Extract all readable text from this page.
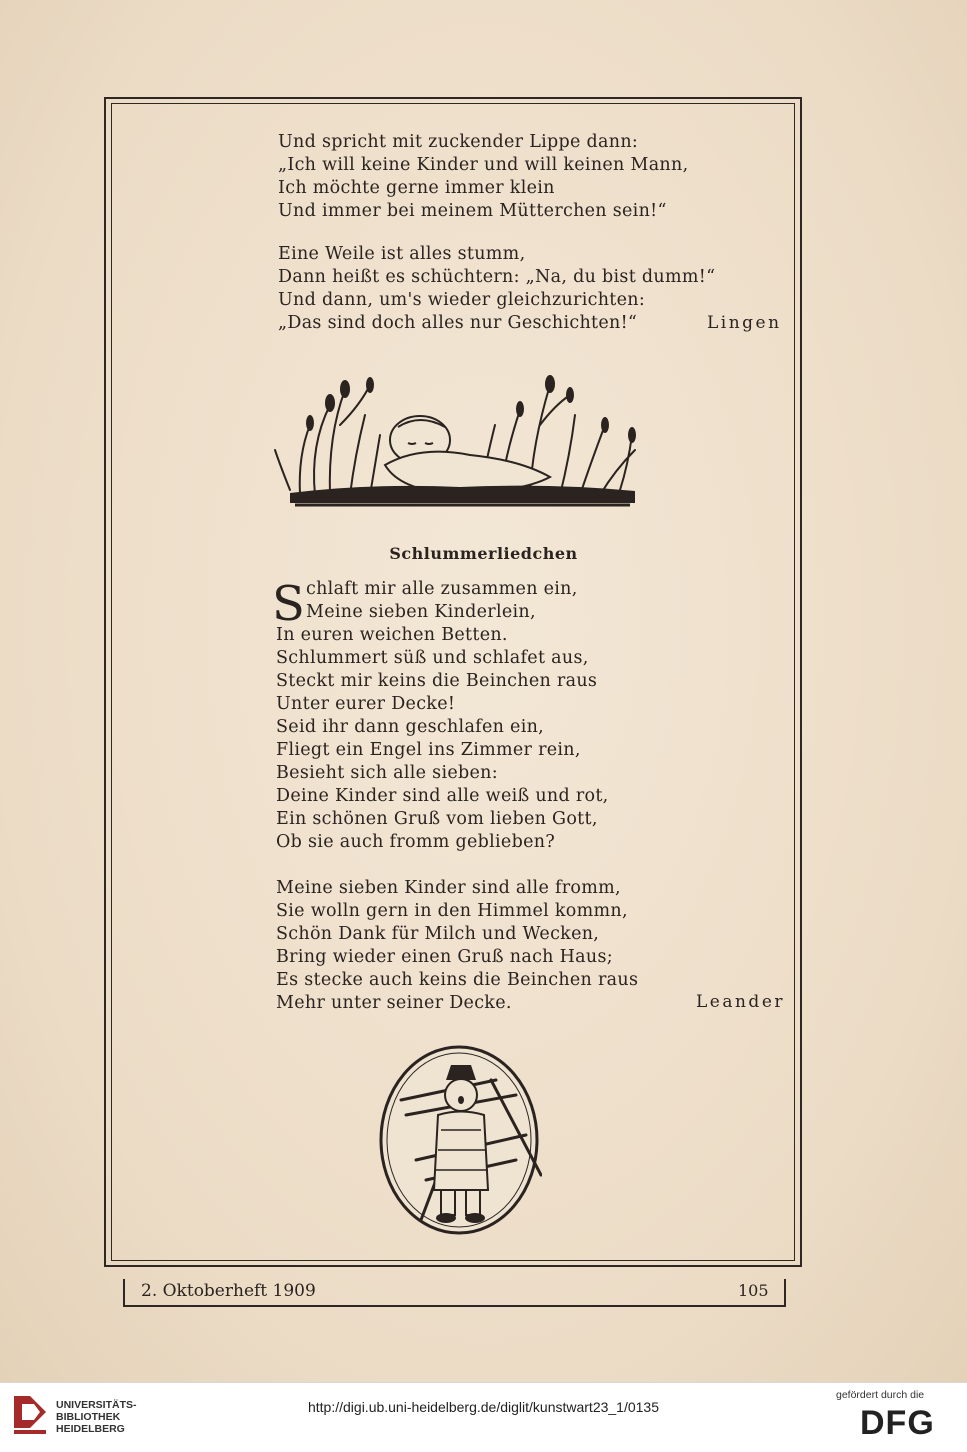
Und spricht mit zuckender Lippe dann:
„Ich will keine Kinder und will keinen Mann,
Ich möchte gerne immer klein
Und immer bei meinem Mütterchen sein!“
Eine Weile ist alles stumm,
Dann heißt es schüchtern: „Na, du bist dumm!“
Und dann, um's wieder gleichzurichten:
„Das sind doch alles nur Geschichten!“	Lingen
Schlummerliedchen
S chlaft mir alle zusammen ein,
Meine sieben Kinderlein,
In euren weichen Betten.
Schlummert süß und schlafet aus,
Steckt mir keins die Beinchen raus
Unter eurer Decke!
Seid ihr dann geschlafen ein,
Fliegt ein Engel ins Zimmer rein,
Besieht sich alle sieben:
Deine Kinder sind alle weiß und rot,
Ein schönen Gruß vom lieben Gott,
Ob sie auch fromm geblieben?
Meine sieben Kinder sind alle fromm,
Sie wolln gern in den Himmel kommn,
Schön Dank für Milch und Wecken,
Bring wieder einen Gruß nach Haus;
Es stecke auch keins die Beinchen raus
Mehr unter seiner Decke.	Leander
2. Oktoberheft 1909	105
UNIVERSITÄTS-
BIBLIOTHEK
HEIDELBERG
http://digi.ub.uni-heidelberg.de/diglit/kunstwart23_1/0135
gefördert durch die
DFG
